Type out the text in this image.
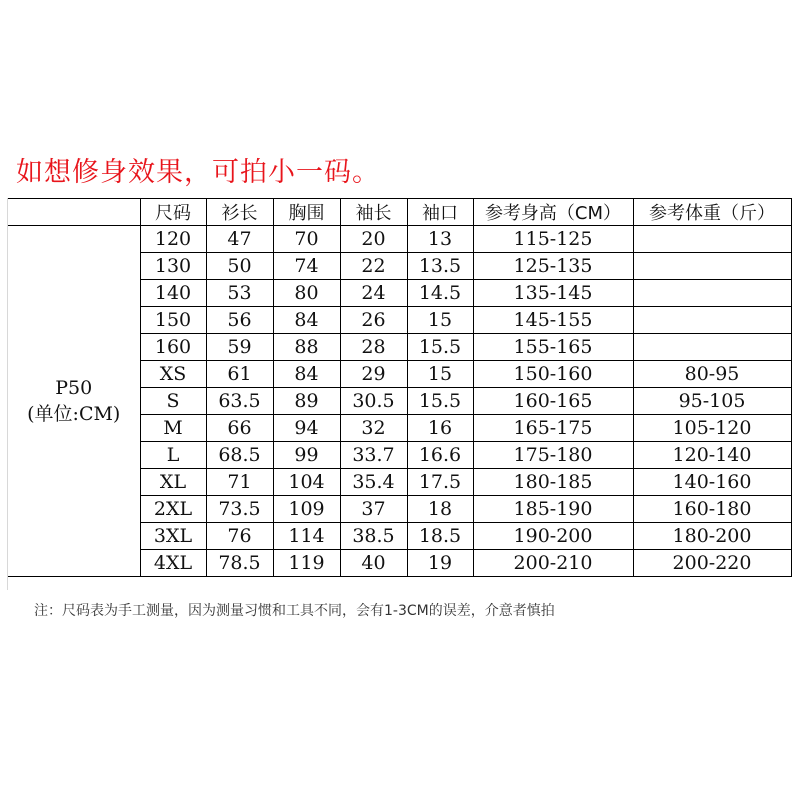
如想修身效果，可拍小一码。
	尺码	衫长	胸围	袖长	袖口	参考身高（CM）	参考体重（斤）

P50
(单位:CM)	120	47	70	20	13	115-125	
	130	50	74	22	13.5	125-135	
	140	53	80	24	14.5	135-145	
	150	56	84	26	15	145-155	
	160	59	88	28	15.5	155-165	
	XS	61	84	29	15	150-160	80-95
	S	63.5	89	30.5	15.5	160-165	95-105
	M	66	94	32	16	165-175	105-120
	L	68.5	99	33.7	16.6	175-180	120-140
	XL	71	104	35.4	17.5	180-185	140-160
	2XL	73.5	109	37	18	185-190	160-180
	3XL	76	114	38.5	18.5	190-200	180-200
	4XL	78.5	119	40	19	200-210	200-220
注：尺码表为手工测量，因为测量习惯和工具不同，会有1-3CM的误差，介意者慎拍
